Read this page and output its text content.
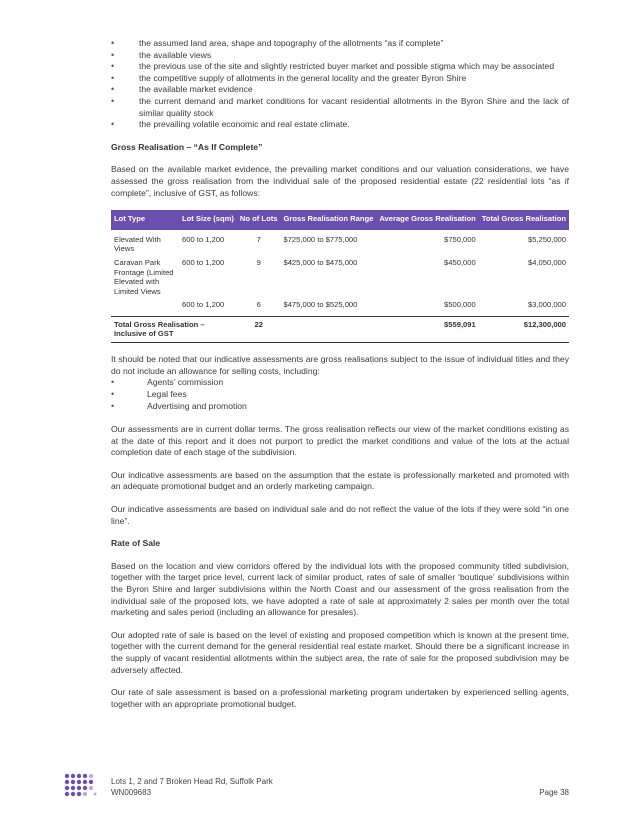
• the assumed land area, shape and topography of the allotments “as if complete”
• the available views
• the previous use of the site and slightly restricted buyer market and possible stigma which may be associated
• the competitive supply of allotments in the general locality and the greater Byron Shire
• the available market evidence
• the current demand and market conditions for vacant residential allotments in the Byron Shire and the lack of similar quality stock
• the prevailing volatile economic and real estate climate.
Gross Realisation – “As If Complete”

Based on the available market evidence, the prevailing market conditions and our valuation considerations, we have assessed the gross realisation from the individual sale of the proposed residential estate (22 residential lots “as if complete”, inclusive of GST, as follows:

Lot Type	Lot Size (sqm)	No of Lots	Gross Realisation Range	Average Gross Realisation	Total Gross Realisation
Elevated With Views	600 to 1,200	7	$725,000 to $775,000	$750,000	$5,250,000
Caravan Park Frontage (Limited Elevated with Limited Views	600 to 1,200	9	$425,000 to $475,000	$450,000	$4,050,000
	600 to 1,200	6	$475,000 to $525,000	$500,000	$3,000,000

Total Gross Realisation – Inclusive of GST		22		$559,091	$12,300,000

It should be noted that our indicative assessments are gross realisations subject to the issue of individual titles and they do not include an allowance for selling costs, including:

• Agents’ commission
• Legal fees
• Advertising and promotion

Our assessments are in current dollar terms. The gross realisation reflects our view of the market conditions existing as at the date of this report and it does not purport to predict the market conditions and value of the lots at the actual completion date of each stage of the subdivision.

Our indicative assessments are based on the assumption that the estate is professionally marketed and promoted with an adequate promotional budget and an orderly marketing campaign.

Our indicative assessments are based on individual sale and do not reflect the value of the lots if they were sold “in one line”.

Rate of Sale

Based on the location and view corridors offered by the individual lots with the proposed community titled subdivision, together with the target price level, current lack of similar product, rates of sale of smaller ‘boutique’ subdivisions within the Byron Shire and larger subdivisions within the North Coast and our assessment of the gross realisation from the individual sale of the proposed lots, we have adopted a rate of sale at approximately 2 sales per month over the total marketing and sales period (including an allowance for presales).

Our adopted rate of sale is based on the level of existing and proposed competition which is known at the present time, together with the current demand for the general residential real estate market. Should there be a significant increase in the supply of vacant residential allotments within the subject area, the rate of sale for the proposed subdivision may be adversely affected.

Our rate of sale assessment is based on a professional marketing program undertaken by experienced selling agents, together with an appropriate promotional budget.

Lots 1, 2 and 7 Broken Head Rd, Suffolk Park
WN009683	Page 38
